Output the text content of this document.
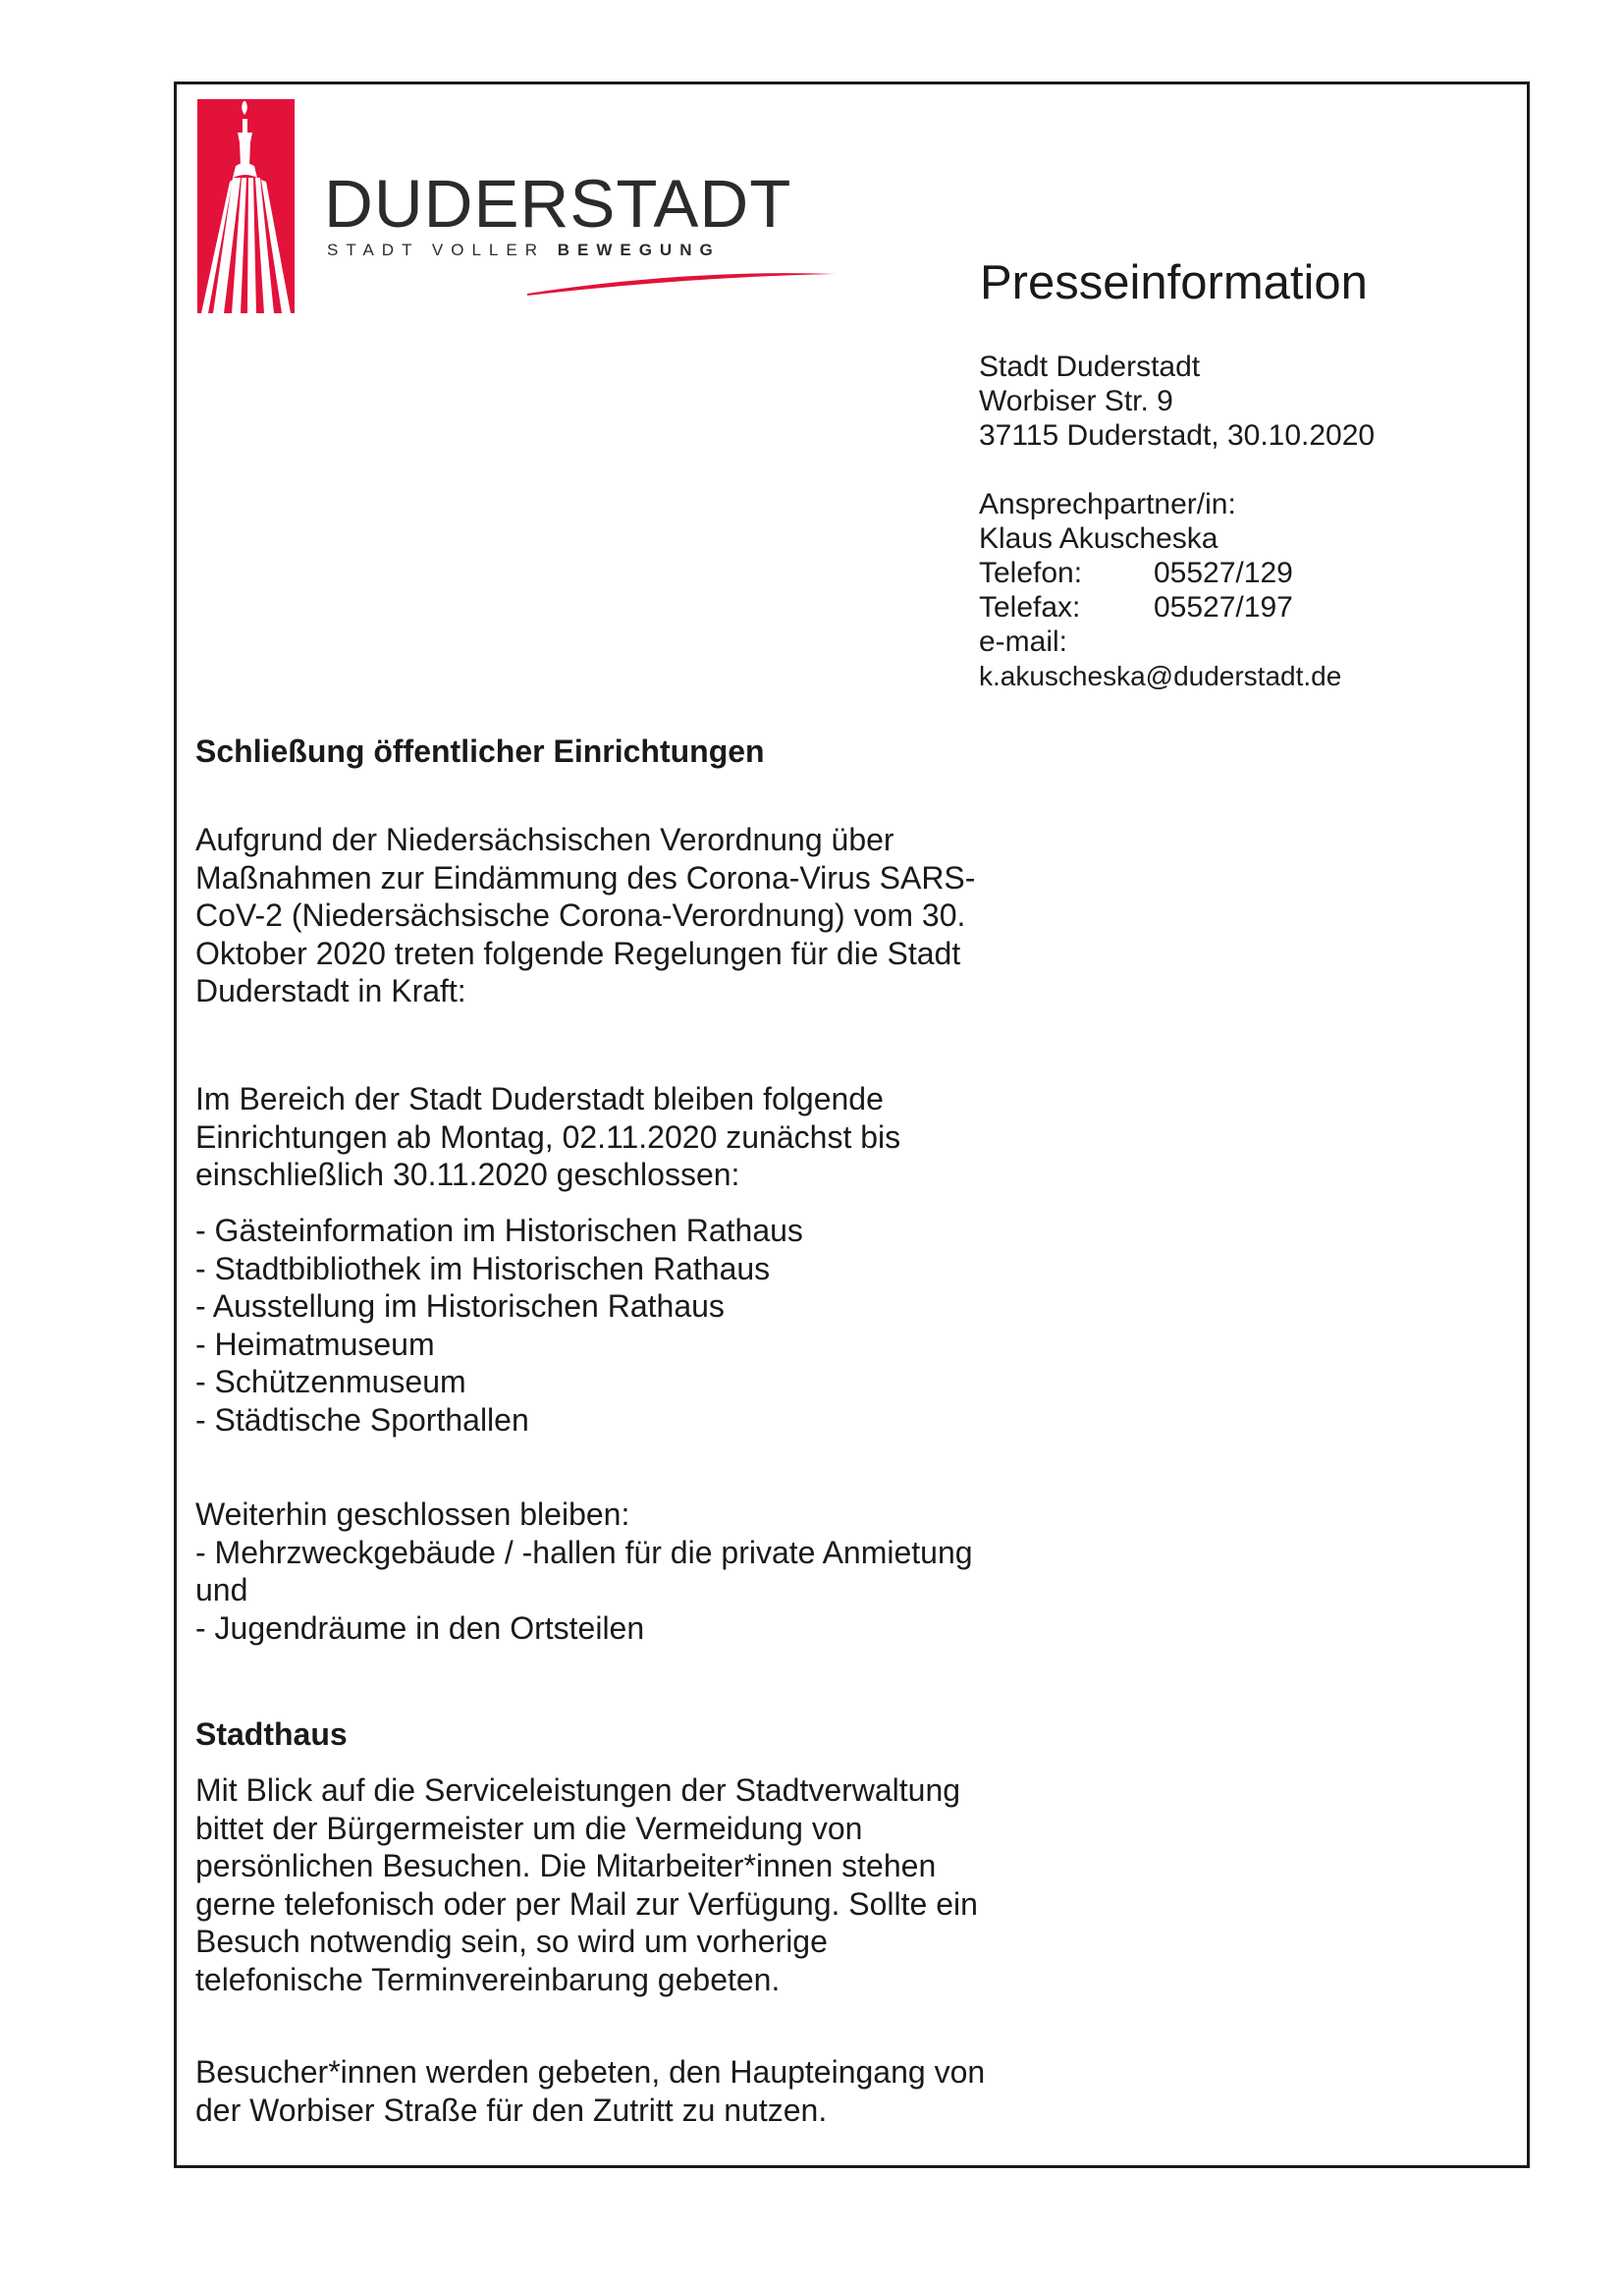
DUDERSTADT
STADT VOLLER BEWEGUNG
Presseinformation
Stadt Duderstadt
Worbiser Str. 9
37115 Duderstadt, 30.10.2020
Ansprechpartner/in:
Klaus Akuscheska
Telefon:	05527/129
Telefax:	05527/197
e-mail:
k.akuscheska@duderstadt.de
Schließung öffentlicher Einrichtungen

Aufgrund der Niedersächsischen Verordnung über Maßnahmen zur Eindämmung des Corona-Virus SARS-CoV-2 (Niedersächsische Corona-Verordnung) vom 30. Oktober 2020 treten folgende Regelungen für die Stadt Duderstadt in Kraft:

Im Bereich der Stadt Duderstadt bleiben folgende Einrichtungen ab Montag, 02.11.2020 zunächst bis einschließlich 30.11.2020 geschlossen:

- Gästeinformation im Historischen Rathaus
- Stadtbibliothek im Historischen Rathaus
- Ausstellung im Historischen Rathaus
- Heimatmuseum
- Schützenmuseum
- Städtische Sporthallen

Weiterhin geschlossen bleiben:

- Mehrzweckgebäude / -hallen für die private Anmietung und
- Jugendräume in den Ortsteilen
Stadthaus

Mit Blick auf die Serviceleistungen der Stadtverwaltung bittet der Bürgermeister um die Vermeidung von persönlichen Besuchen. Die Mitarbeiter*innen stehen gerne telefonisch oder per Mail zur Verfügung. Sollte ein Besuch notwendig sein, so wird um vorherige telefonische Terminvereinbarung gebeten.

Besucher*innen werden gebeten, den Haupteingang von der Worbiser Straße für den Zutritt zu nutzen.
